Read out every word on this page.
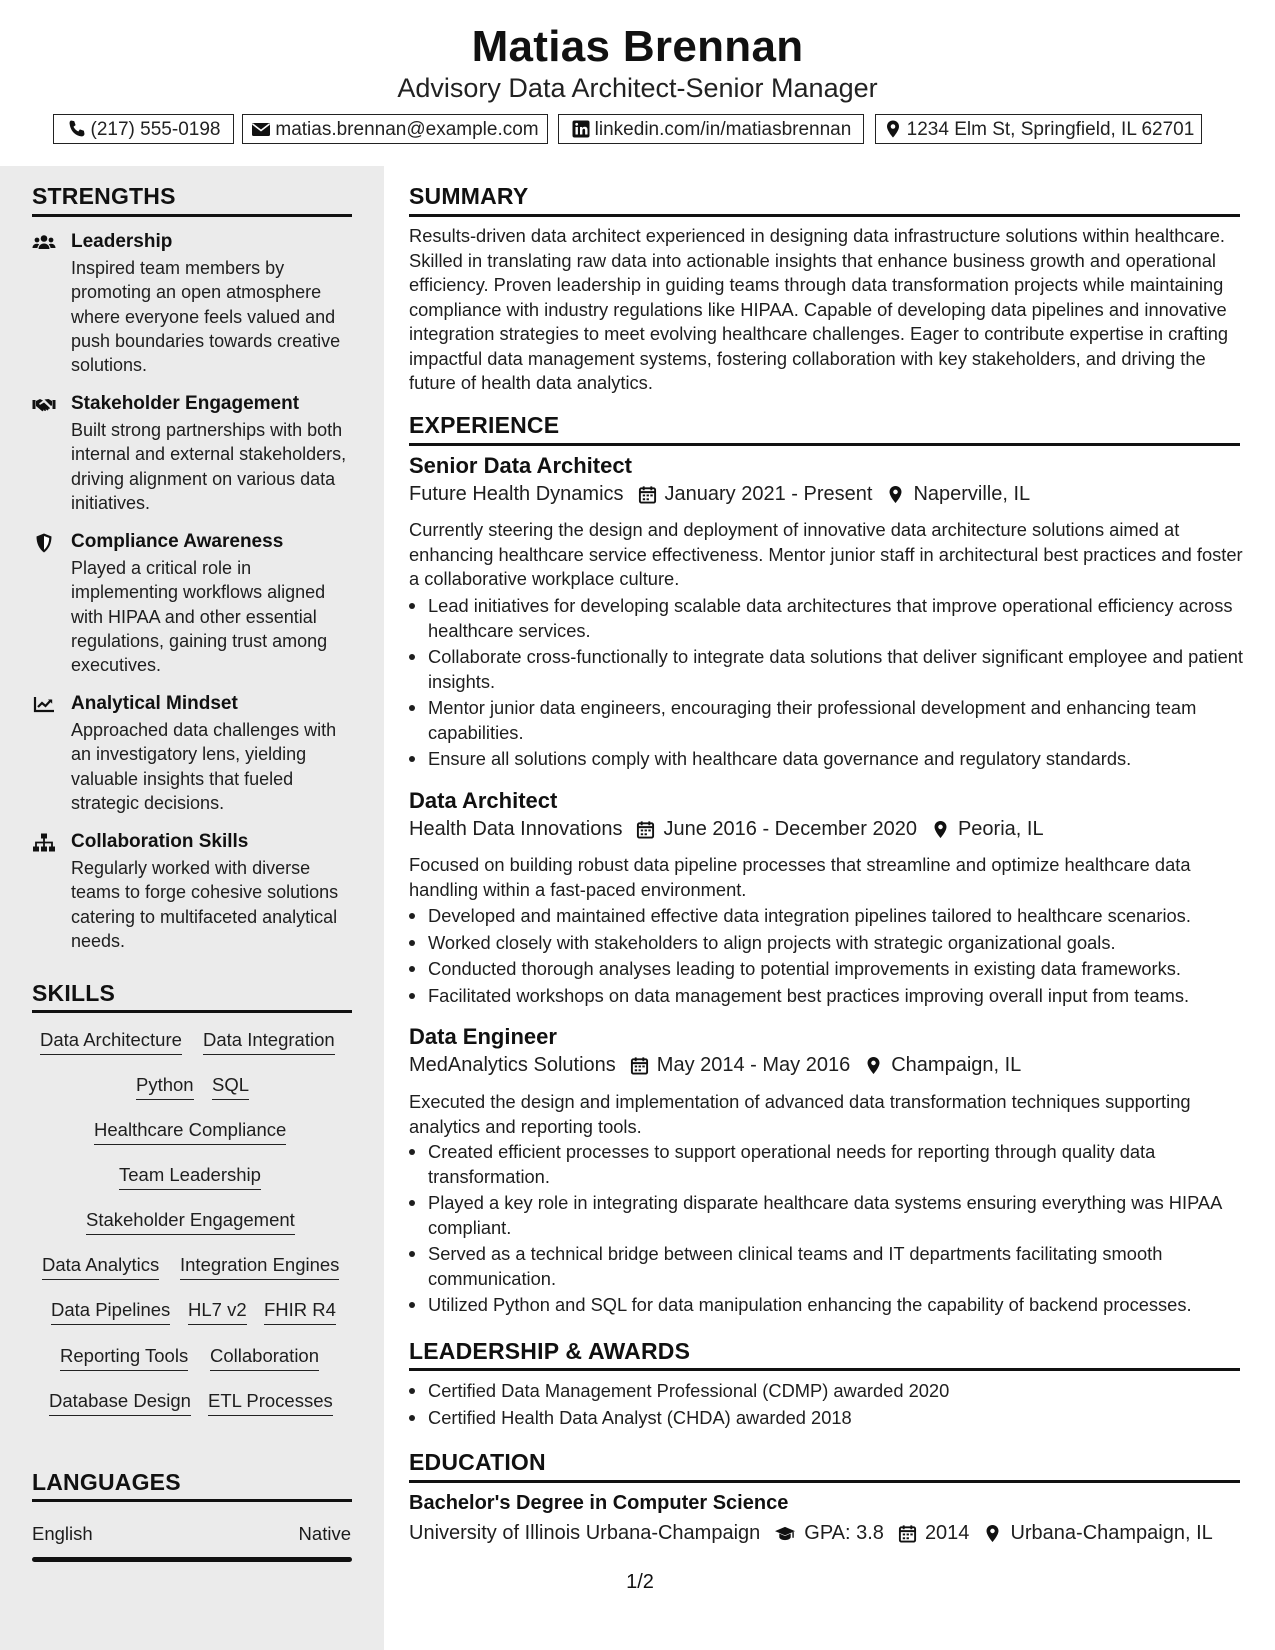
Matias Brennan
Advisory Data Architect-Senior Manager
(217) 555-0198	matias.brennan@example.com	linkedin.com/in/matiasbrennan	1234 Elm St, Springfield, IL 62701
STRENGTHS
Leadership
Inspired team members by promoting an open atmosphere where everyone feels valued and push boundaries towards creative solutions.
Stakeholder Engagement
Built strong partnerships with both internal and external stakeholders, driving alignment on various data initiatives.
Compliance Awareness
Played a critical role in implementing workflows aligned with HIPAA and other essential regulations, gaining trust among executives.
Analytical Mindset
Approached data challenges with an investigatory lens, yielding valuable insights that fueled strategic decisions.
Collaboration Skills
Regularly worked with diverse teams to forge cohesive solutions catering to multifaceted analytical needs.
SKILLS
Data Architecture Data Integration
Python SQL
Healthcare Compliance
Team Leadership
Stakeholder Engagement
Data Analytics Integration Engines
Data Pipelines HL7 v2 FHIR R4
Reporting Tools Collaboration
Database Design ETL Processes
LANGUAGES
English	Native
SUMMARY
Results-driven data architect experienced in designing data infrastructure solutions within healthcare. Skilled in translating raw data into actionable insights that enhance business growth and operational efficiency. Proven leadership in guiding teams through data transformation projects while maintaining compliance with industry regulations like HIPAA. Capable of developing data pipelines and innovative integration strategies to meet evolving healthcare challenges. Eager to contribute expertise in crafting impactful data management systems, fostering collaboration with key stakeholders, and driving the future of health data analytics.
EXPERIENCE
Senior Data Architect
Future Health Dynamics January 2021 - Present Naperville, IL
Currently steering the design and deployment of innovative data architecture solutions aimed at enhancing healthcare service effectiveness. Mentor junior staff in architectural best practices and foster a collaborative workplace culture.
Lead initiatives for developing scalable data architectures that improve operational efficiency across healthcare services.
Collaborate cross-functionally to integrate data solutions that deliver significant employee and patient insights.
Mentor junior data engineers, encouraging their professional development and enhancing team capabilities.
Ensure all solutions comply with healthcare data governance and regulatory standards.
Data Architect
Health Data Innovations June 2016 - December 2020 Peoria, IL
Focused on building robust data pipeline processes that streamline and optimize healthcare data handling within a fast-paced environment.
Developed and maintained effective data integration pipelines tailored to healthcare scenarios.
Worked closely with stakeholders to align projects with strategic organizational goals.
Conducted thorough analyses leading to potential improvements in existing data frameworks.
Facilitated workshops on data management best practices improving overall input from teams.
Data Engineer
MedAnalytics Solutions May 2014 - May 2016 Champaign, IL
Executed the design and implementation of advanced data transformation techniques supporting analytics and reporting tools.
Created efficient processes to support operational needs for reporting through quality data transformation.
Played a key role in integrating disparate healthcare data systems ensuring everything was HIPAA compliant.
Served as a technical bridge between clinical teams and IT departments facilitating smooth communication.
Utilized Python and SQL for data manipulation enhancing the capability of backend processes.
LEADERSHIP & AWARDS
Certified Data Management Professional (CDMP) awarded 2020
Certified Health Data Analyst (CHDA) awarded 2018
EDUCATION
Bachelor's Degree in Computer Science
University of Illinois Urbana-Champaign GPA: 3.8 2014 Urbana-Champaign, IL
1/2
